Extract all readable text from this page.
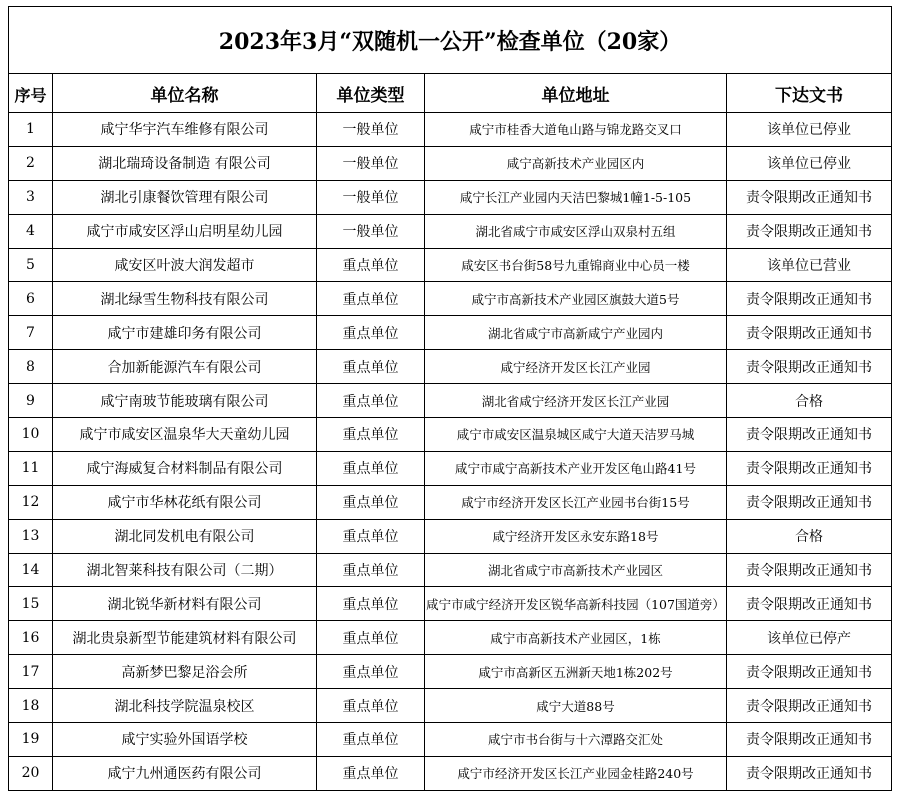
2023年3月“双随机一公开”检查单位（20家）				
序号	单位名称	单位类型	单位地址	下达文书
1	咸宁华宇汽车维修有限公司	一般单位	咸宁市桂香大道龟山路与锦龙路交叉口	该单位已停业
2	湖北瑞琦设备制造 有限公司	一般单位	咸宁高新技术产业园区内	该单位已停业
3	湖北引康餐饮管理有限公司	一般单位	咸宁长江产业园内天洁巴黎城1幢1-5-105	责令限期改正通知书
4	咸宁市咸安区浮山启明星幼儿园	一般单位	湖北省咸宁市咸安区浮山双泉村五组	责令限期改正通知书
5	咸安区叶波大润发超市	重点单位	咸安区书台街58号九重锦商业中心员一楼	该单位已营业
6	湖北绿雪生物科技有限公司	重点单位	咸宁市高新技术产业园区旗鼓大道5号	责令限期改正通知书
7	咸宁市建雄印务有限公司	重点单位	湖北省咸宁市高新咸宁产业园内	责令限期改正通知书
8	合加新能源汽车有限公司	重点单位	咸宁经济开发区长江产业园	责令限期改正通知书
9	咸宁南玻节能玻璃有限公司	重点单位	湖北省咸宁经济开发区长江产业园	合格
10	咸宁市咸安区温泉华大天童幼儿园	重点单位	咸宁市咸安区温泉城区咸宁大道天洁罗马城	责令限期改正通知书
11	咸宁海威复合材料制品有限公司	重点单位	咸宁市咸宁高新技术产业开发区龟山路41号	责令限期改正通知书
12	咸宁市华林花纸有限公司	重点单位	咸宁市经济开发区长江产业园书台街15号	责令限期改正通知书
13	湖北同发机电有限公司	重点单位	咸宁经济开发区永安东路18号	合格
14	湖北智莱科技有限公司（二期）	重点单位	湖北省咸宁市高新技术产业园区	责令限期改正通知书
15	湖北锐华新材料有限公司	重点单位	咸宁市咸宁经济开发区锐华高新科技园（107国道旁）	责令限期改正通知书
16	湖北贵泉新型节能建筑材料有限公司	重点单位	咸宁市高新技术产业园区，1栋	该单位已停产
17	高新梦巴黎足浴会所	重点单位	咸宁市高新区五洲新天地1栋202号	责令限期改正通知书
18	湖北科技学院温泉校区	重点单位	咸宁大道88号	责令限期改正通知书
19	咸宁实验外国语学校	重点单位	咸宁市书台街与十六潭路交汇处	责令限期改正通知书
20	咸宁九州通医药有限公司	重点单位	咸宁市经济开发区长江产业园金桂路240号	责令限期改正通知书
